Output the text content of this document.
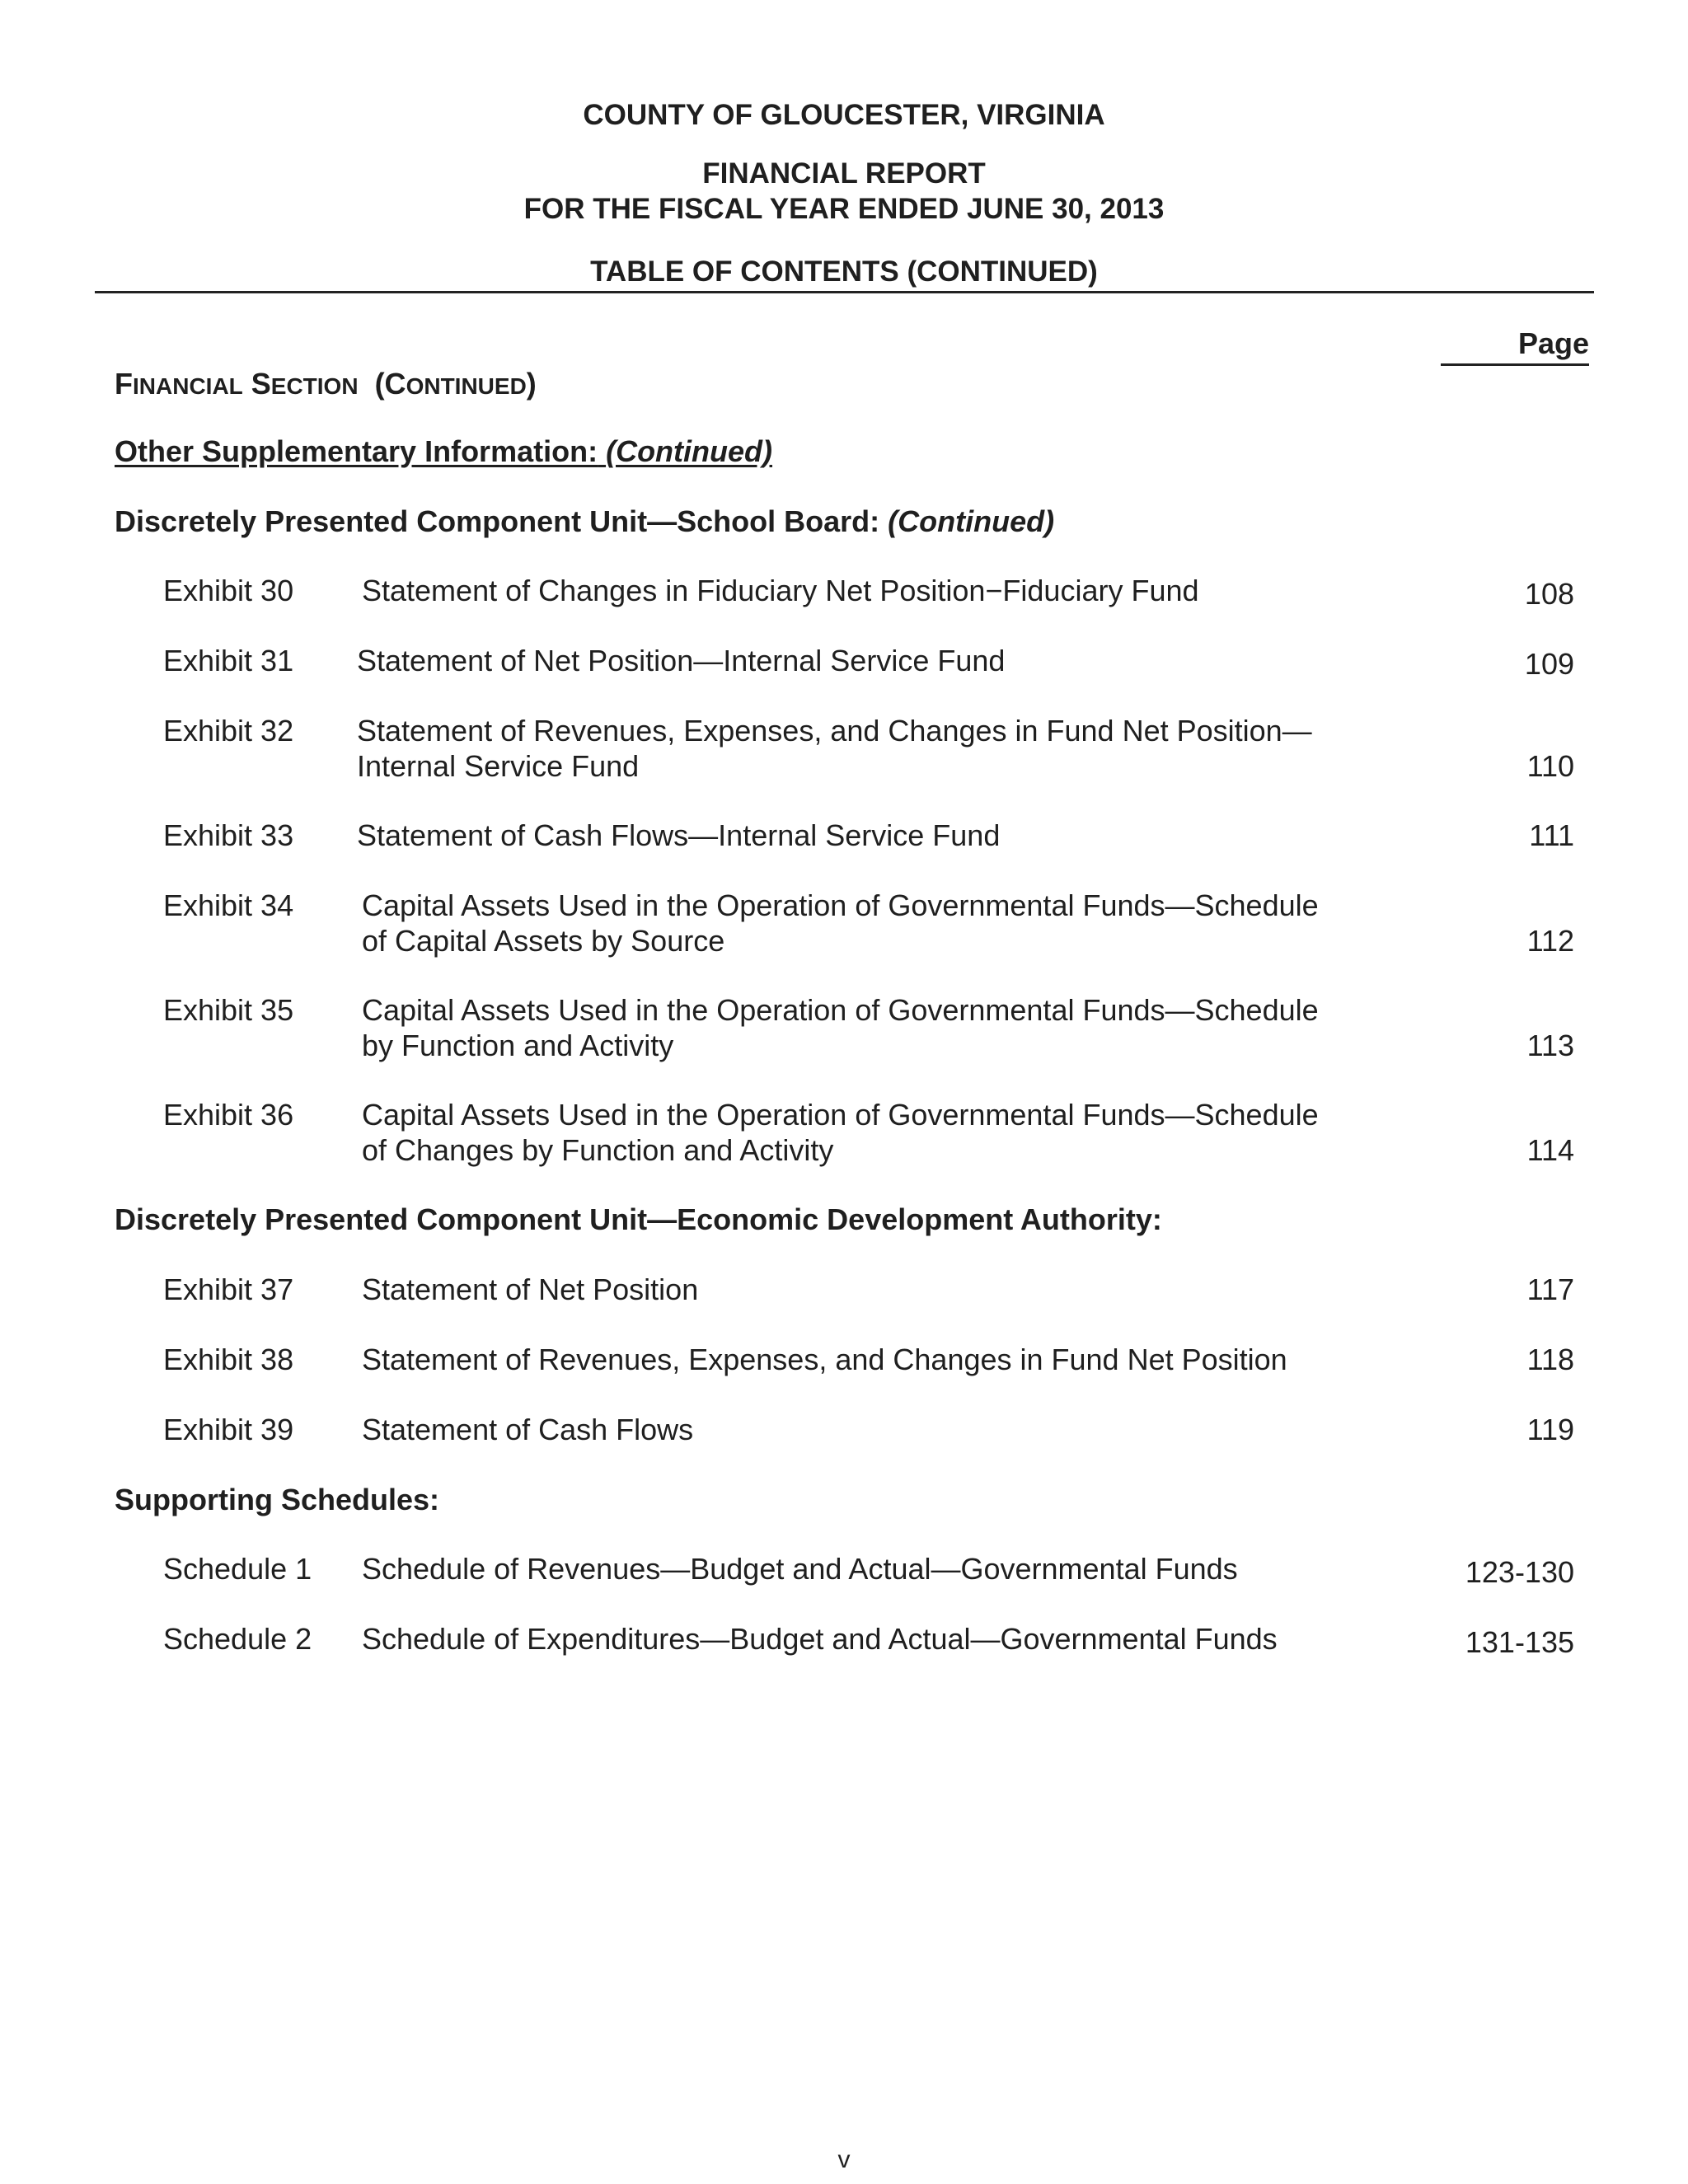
COUNTY OF GLOUCESTER, VIRGINIA
FINANCIAL REPORT
FOR THE FISCAL YEAR ENDED JUNE 30, 2013
TABLE OF CONTENTS (CONTINUED)
Page
FINANCIAL SECTION  (CONTINUED)
Other Supplementary Information: (Continued)
Discretely Presented Component Unit—School Board: (Continued)
Exhibit 30 Statement of Changes in Fiduciary Net Position−Fiduciary Fund	108
Exhibit 31 Statement of Net Position—Internal Service Fund	109
Exhibit 32 Statement of Revenues, Expenses, and Changes in Fund Net Position—
Internal Service Fund	110
Exhibit 33 Statement of Cash Flows—Internal Service Fund	111
Exhibit 34 Capital Assets Used in the Operation of Governmental Funds—Schedule
of Capital Assets by Source	112
Exhibit 35 Capital Assets Used in the Operation of Governmental Funds—Schedule
by Function and Activity	113
Exhibit 36 Capital Assets Used in the Operation of Governmental Funds—Schedule
of Changes by Function and Activity	114
Discretely Presented Component Unit—Economic Development Authority:
Exhibit 37 Statement of Net Position	117
Exhibit 38 Statement of Revenues, Expenses, and Changes in Fund Net Position	118
Exhibit 39 Statement of Cash Flows	119
Supporting Schedules:
Schedule 1 Schedule of Revenues—Budget and Actual—Governmental Funds	123-130
Schedule 2 Schedule of Expenditures—Budget and Actual—Governmental Funds	131-135
v
